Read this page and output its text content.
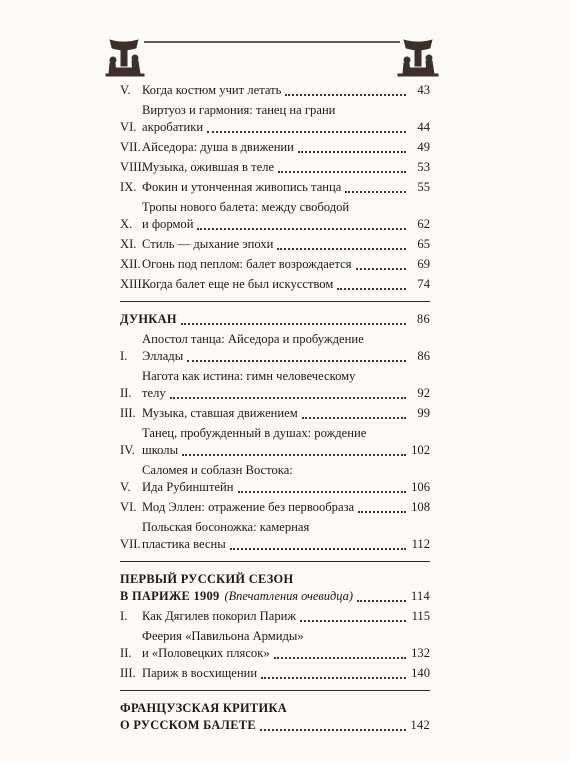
V. Когда костюм учит летать	43
VI.
Виртуоз и гармония: танец на грани
акробатики	44
VII. Айседора: душа в движении	49
VIII.
Музыка, ожившая в теле	53
IX. Фокин и утонченная живопись танца	55
X.
Тропы нового балета: между свободой
и формой	62
XI. Стиль — дыхание эпохи	65
XII. Огонь под пеплом: балет возрождается	69
XIII.
Когда балет еще не был искусством	74
ДУНКАН	86
I.
Апостол танца: Айседора и пробуждение
Эллады	86
II.
Нагота как истина: гимн человеческому
телу	92
III. Музыка, ставшая движением	99
IV.
Танец, пробужденный в душах: рождение
школы	102
V.
Саломея и соблазн Востока:
Ида Рубинштейн	106
VI. Мод Эллен: отражение без первообраза	108
VII.
Польская босоножка: камерная
пластика весны	112
ПЕРВЫЙ РУССКИЙ СЕЗОН
В ПАРИЖЕ 1909 (Впечатления очевидца)	114
I.	Как Дягилев покорил Париж	115
II.
Феерия «Павильона Армиды»
и «Половецких плясок»	132
III. Париж в восхищении	140
ФРАНЦУЗСКАЯ КРИТИКА
О РУССКОМ БАЛЕТЕ	142
